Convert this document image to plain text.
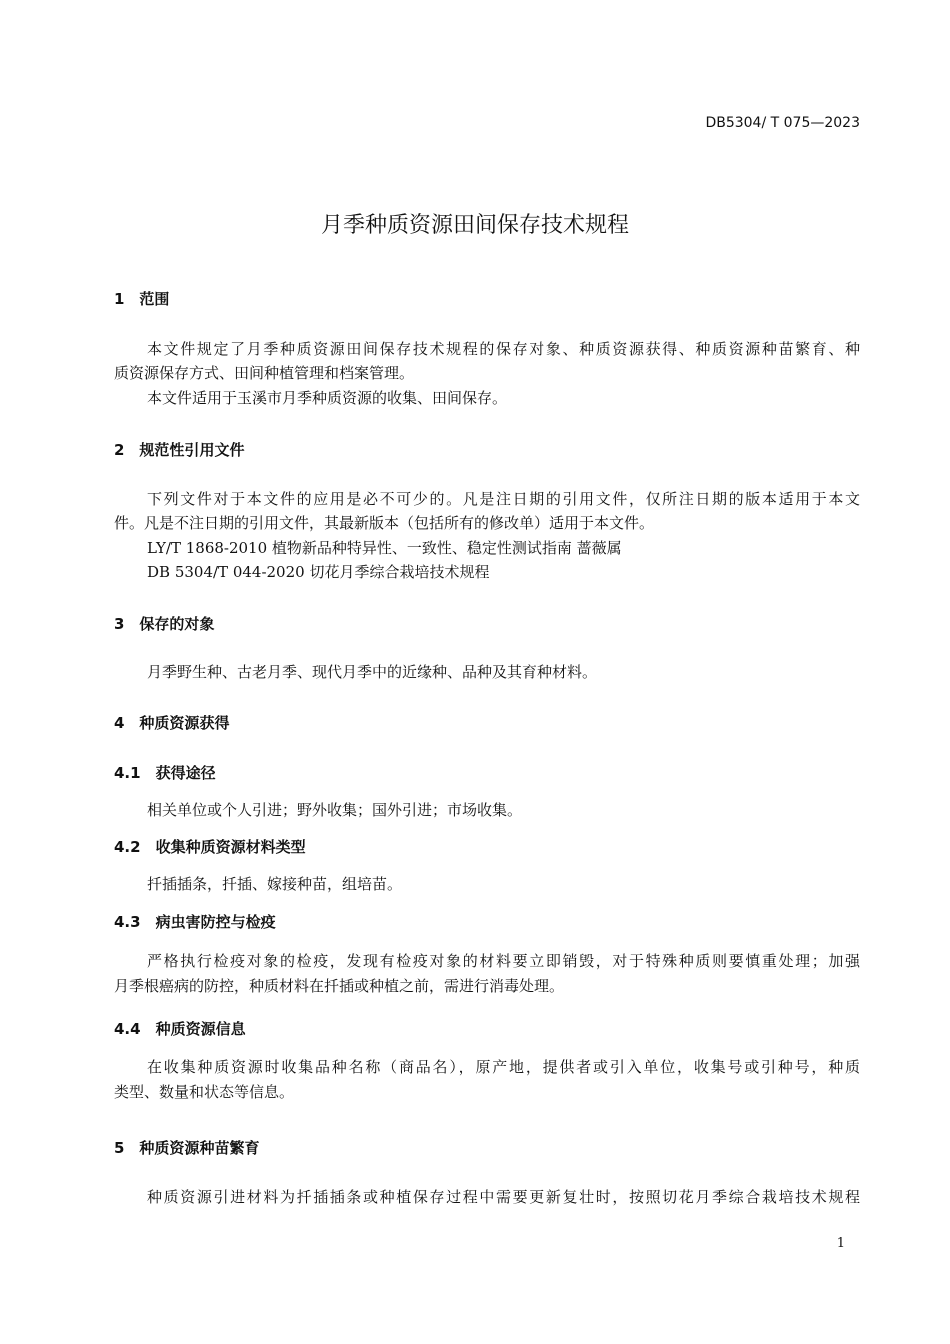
DB5304/ T 075—2023
月季种质资源田间保存技术规程
1　范围
本文件规定了月季种质资源田间保存技术规程的保存对象、种质资源获得、种质资源种苗繁育、种
质资源保存方式、田间种植管理和档案管理。
本文件适用于玉溪市月季种质资源的收集、田间保存。
2　规范性引用文件
下列文件对于本文件的应用是必不可少的。凡是注日期的引用文件，仅所注日期的版本适用于本文
件。凡是不注日期的引用文件，其最新版本（包括所有的修改单）适用于本文件。
LY/T 1868-2010 植物新品种特异性、一致性、稳定性测试指南 蔷薇属
DB 5304/T 044-2020 切花月季综合栽培技术规程
3　保存的对象
月季野生种、古老月季、现代月季中的近缘种、品种及其育种材料。
4　种质资源获得
4.1　获得途径
相关单位或个人引进；野外收集；国外引进；市场收集。
4.2　收集种质资源材料类型
扦插插条，扦插、嫁接种苗，组培苗。
4.3　病虫害防控与检疫
严格执行检疫对象的检疫，发现有检疫对象的材料要立即销毁，对于特殊种质则要慎重处理；加强
月季根癌病的防控，种质材料在扦插或种植之前，需进行消毒处理。
4.4　种质资源信息
在收集种质资源时收集品种名称（商品名），原产地，提供者或引入单位，收集号或引种号，种质
类型、数量和状态等信息。
5　种质资源种苗繁育
种质资源引进材料为扦插插条或种植保存过程中需要更新复壮时，按照切花月季综合栽培技术规程
1
